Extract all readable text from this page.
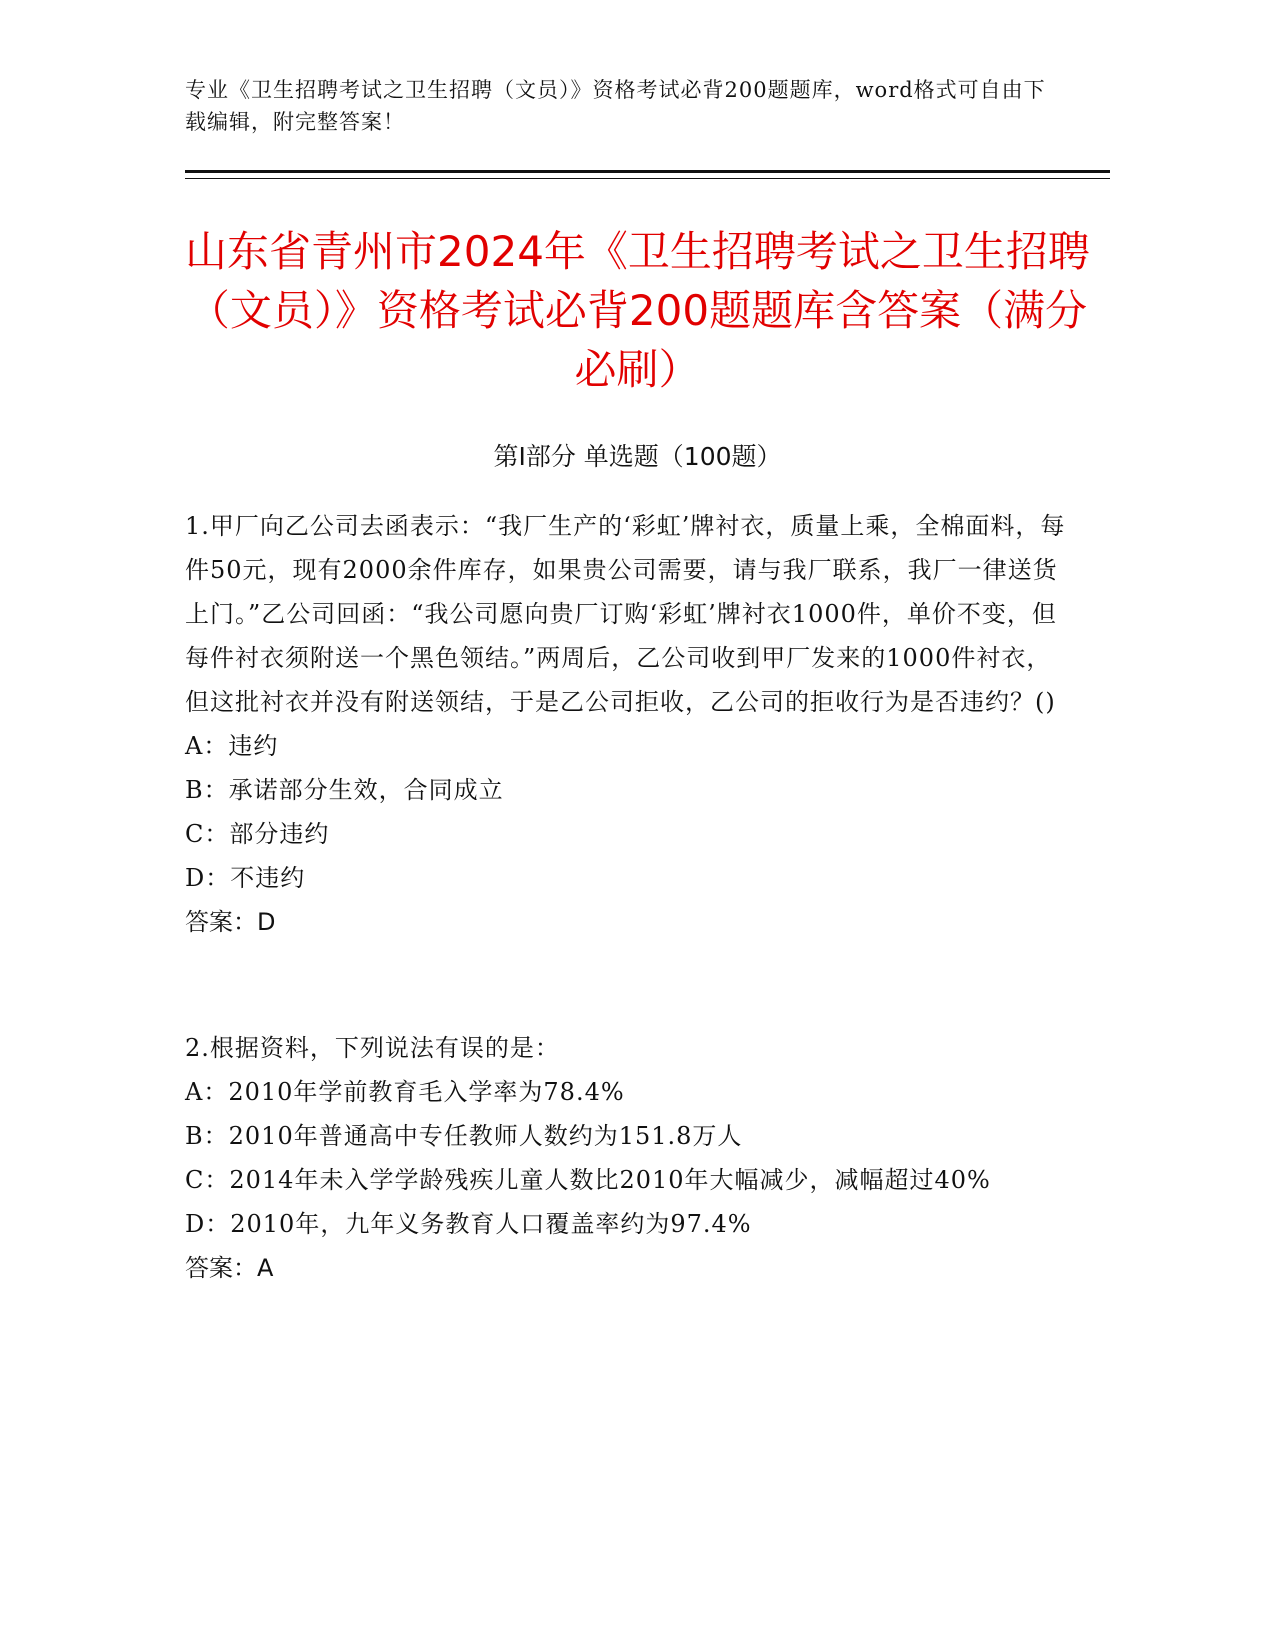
专业《卫生招聘考试之卫生招聘（文员）》资格考试必背200题题库，word格式可自由下载编辑，附完整答案！
山东省青州市2024年《卫生招聘考试之卫生招聘（文员）》资格考试必背200题题库含答案（满分必刷）
第Ⅰ部分 单选题（100题）
1.甲厂向乙公司去函表示：“我厂生产的‘彩虹’牌衬衣，质量上乘，全棉面料，每件50元，现有2000余件库存，如果贵公司需要，请与我厂联系，我厂一律送货上门。”乙公司回函：“我公司愿向贵厂订购‘彩虹’牌衬衣1000件，单价不变，但每件衬衣须附送一个黑色领结。”两周后，乙公司收到甲厂发来的1000件衬衣，但这批衬衣并没有附送领结，于是乙公司拒收，乙公司的拒收行为是否违约？()
A：违约
B：承诺部分生效，合同成立
C：部分违约
D：不违约
答案：D
2.根据资料，下列说法有误的是：
A：2010年学前教育毛入学率为78.4%
B：2010年普通高中专任教师人数约为151.8万人
C：2014年未入学学龄残疾儿童人数比2010年大幅减少，减幅超过40%
D：2010年，九年义务教育人口覆盖率约为97.4%
答案：A
